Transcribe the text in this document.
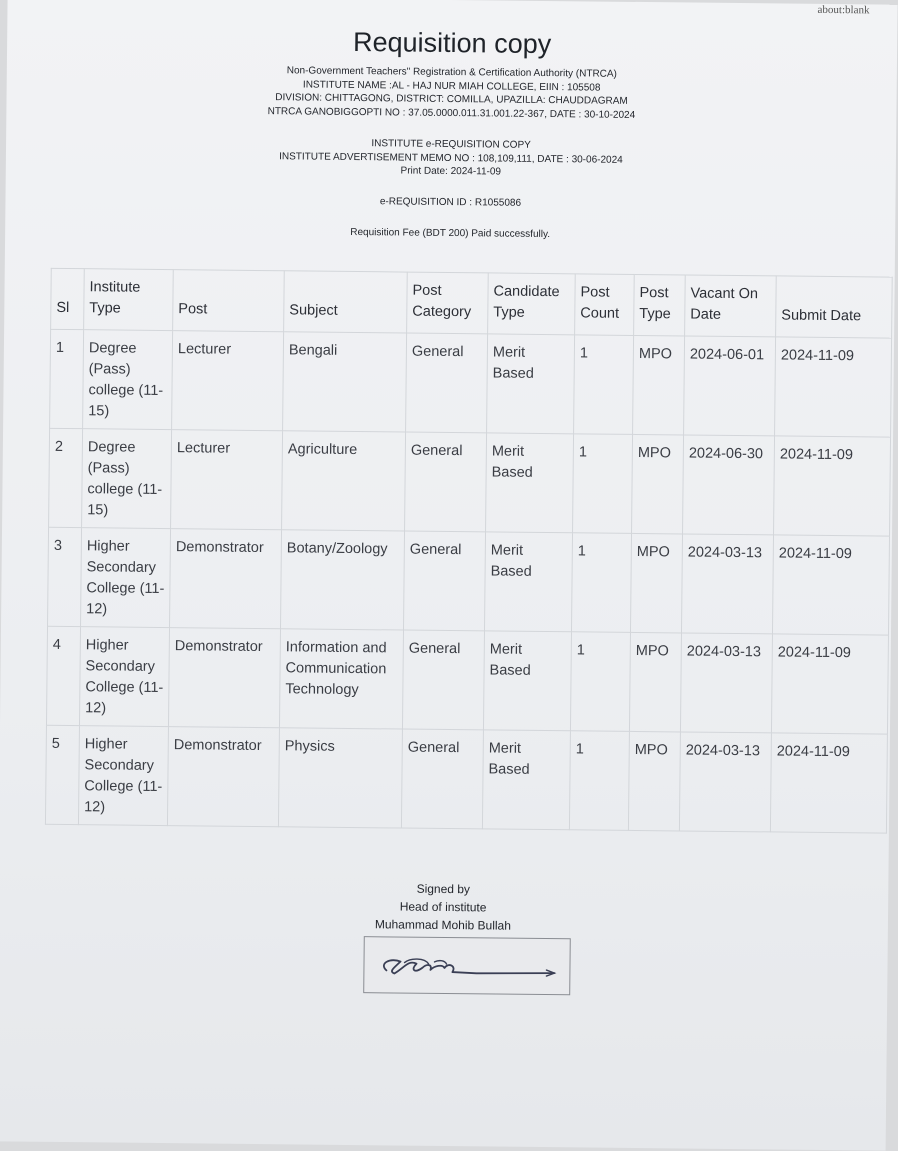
about:blank
Requisition copy
Non-Government Teachers" Registration & Certification Authority (NTRCA)
INSTITUTE NAME :AL - HAJ NUR MIAH COLLEGE, EIIN : 105508
DIVISION: CHITTAGONG, DISTRICT: COMILLA, UPAZILLA: CHAUDDAGRAM
NTRCA GANOBIGGOPTI NO : 37.05.0000.011.31.001.22-367, DATE : 30-10-2024
INSTITUTE e-REQUISITION COPY
INSTITUTE ADVERTISEMENT MEMO NO : 108,109,111, DATE : 30-06-2024
Print Date: 2024-11-09
e-REQUISITION ID : R1055086
Requisition Fee (BDT 200) Paid successfully.
Sl	Institute Type	Post	Subject	Post Category	Candidate Type	Post Count	Post Type	Vacant On Date	Submit Date
1	Degree (Pass) college (11-15)	Lecturer	Bengali	General	Merit Based	1	MPO	2024-06-01	2024-11-09
2	Degree (Pass) college (11-15)	Lecturer	Agriculture	General	Merit Based	1	MPO	2024-06-30	2024-11-09
3	Higher Secondary College (11-12)	Demonstrator	Botany/Zoology	General	Merit Based	1	MPO	2024-03-13	2024-11-09
4	Higher Secondary College (11-12)	Demonstrator	Information and Communication Technology	General	Merit Based	1	MPO	2024-03-13	2024-11-09
5	Higher Secondary College (11-12)	Demonstrator	Physics	General	Merit Based	1	MPO	2024-03-13	2024-11-09
Signed by
Head of institute
Muhammad Mohib Bullah
